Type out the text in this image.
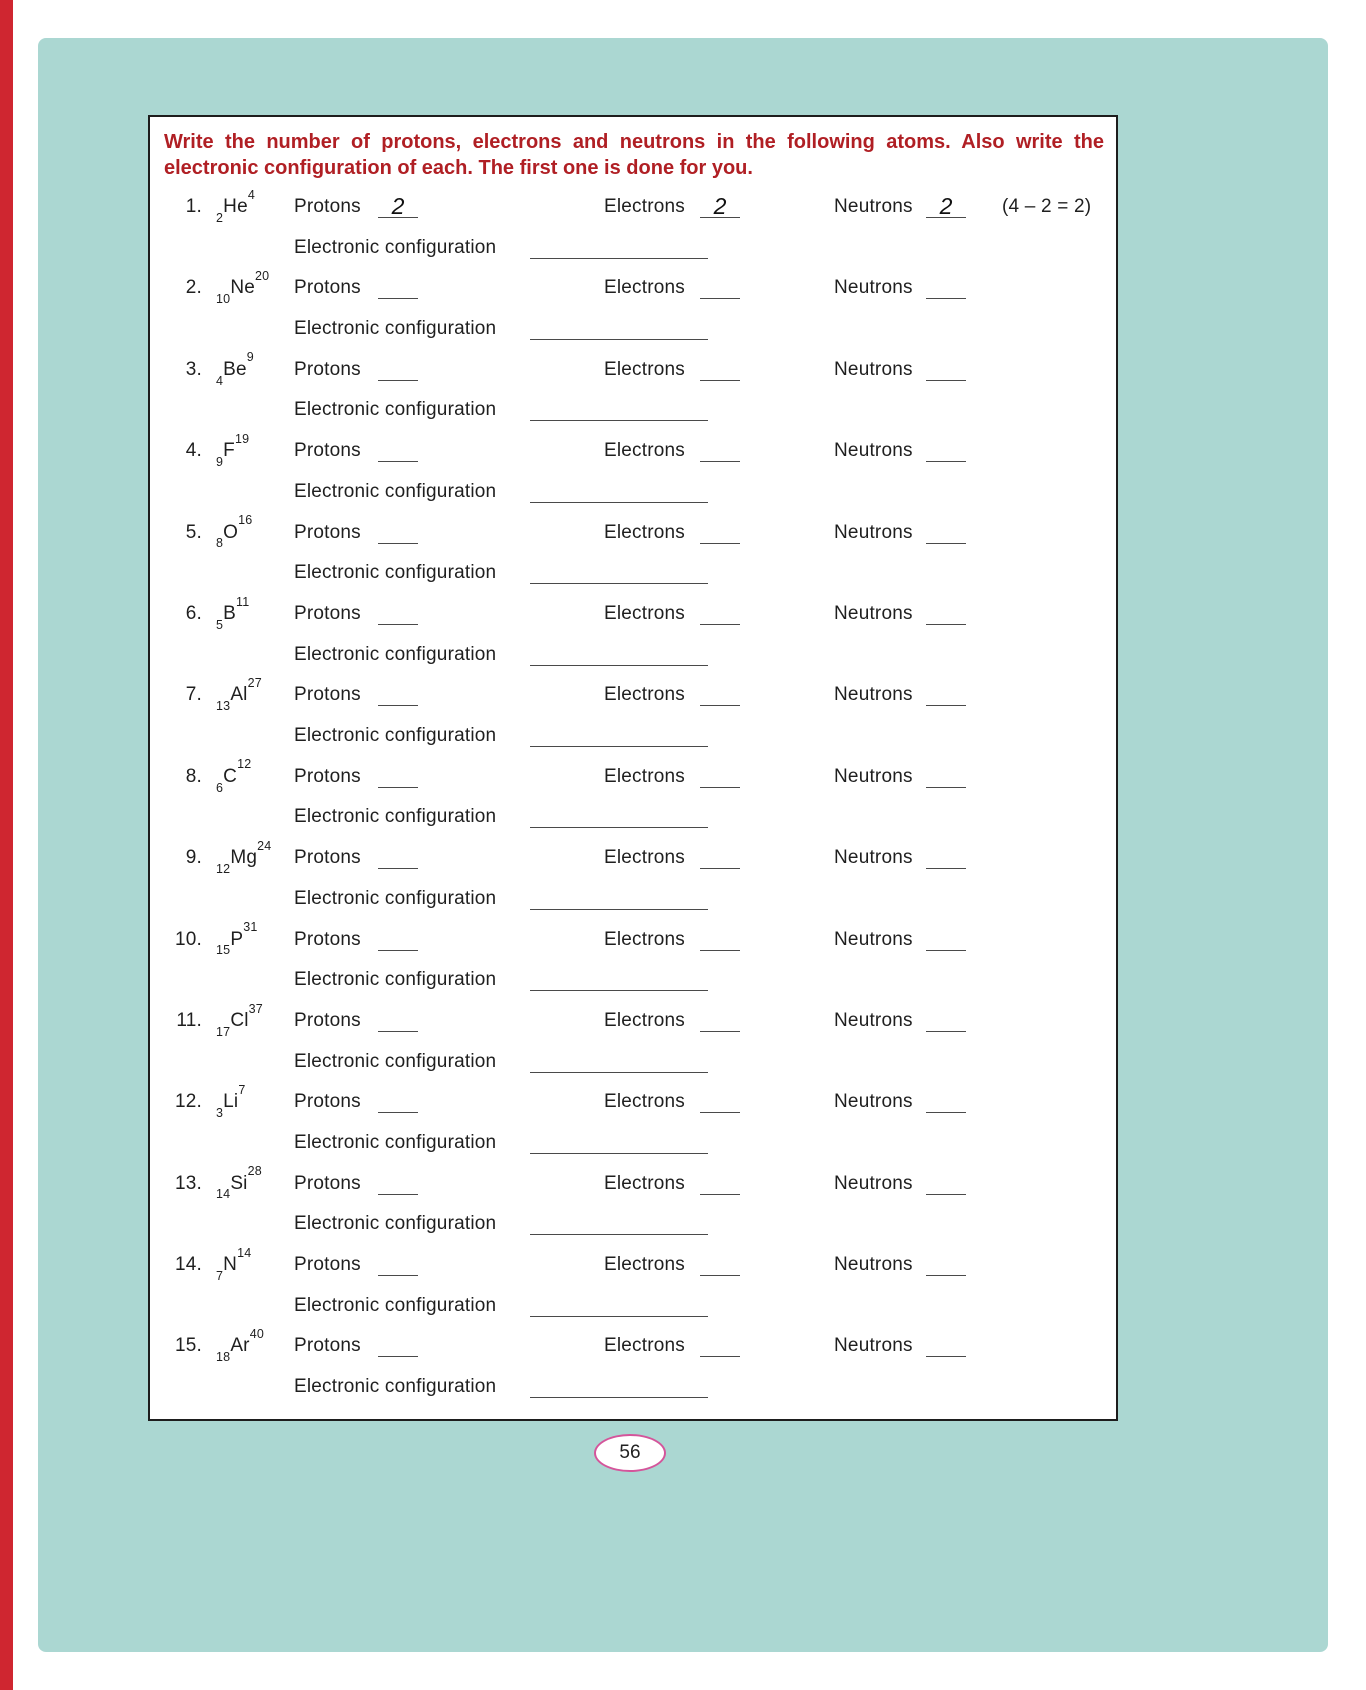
Write the number of protons, electrons and neutrons in the following atoms. Also write the electronic configuration of each. The first one is done for you.
1.
$_2He^4$
Protons	2	Electrons	2	Neutrons	2	(4 – 2 = 2)
Electronic configuration
2.
$_{10}Ne^{20}$
Protons	Electrons	Neutrons
Electronic configuration
3.
$_4Be^9$
Protons	Electrons	Neutrons
Electronic configuration
4.
$_9F^{19}$
Protons	Electrons	Neutrons
Electronic configuration
5.
$_8O^{16}$
Protons	Electrons	Neutrons
Electronic configuration
6.
$_5B^{11}$
Protons	Electrons	Neutrons
Electronic configuration
7.
$_{13}Al^{27}$
Protons	Electrons	Neutrons
Electronic configuration
8.
$_6C^{12}$
Protons	Electrons	Neutrons
Electronic configuration
9.
$_{12}Mg^{24}$
Protons	Electrons	Neutrons
Electronic configuration
10.
$_{15}P^{31}$
Protons	Electrons	Neutrons
Electronic configuration
11.
$_{17}Cl^{37}$
Protons	Electrons	Neutrons
Electronic configuration
12.
$_3Li^7$
Protons	Electrons	Neutrons
Electronic configuration
13.
$_{14}Si^{28}$
Protons	Electrons	Neutrons
Electronic configuration
14.
$_7N^{14}$
Protons	Electrons	Neutrons
Electronic configuration
15.
$_{18}Ar^{40}$
Protons	Electrons	Neutrons
Electronic configuration
56
